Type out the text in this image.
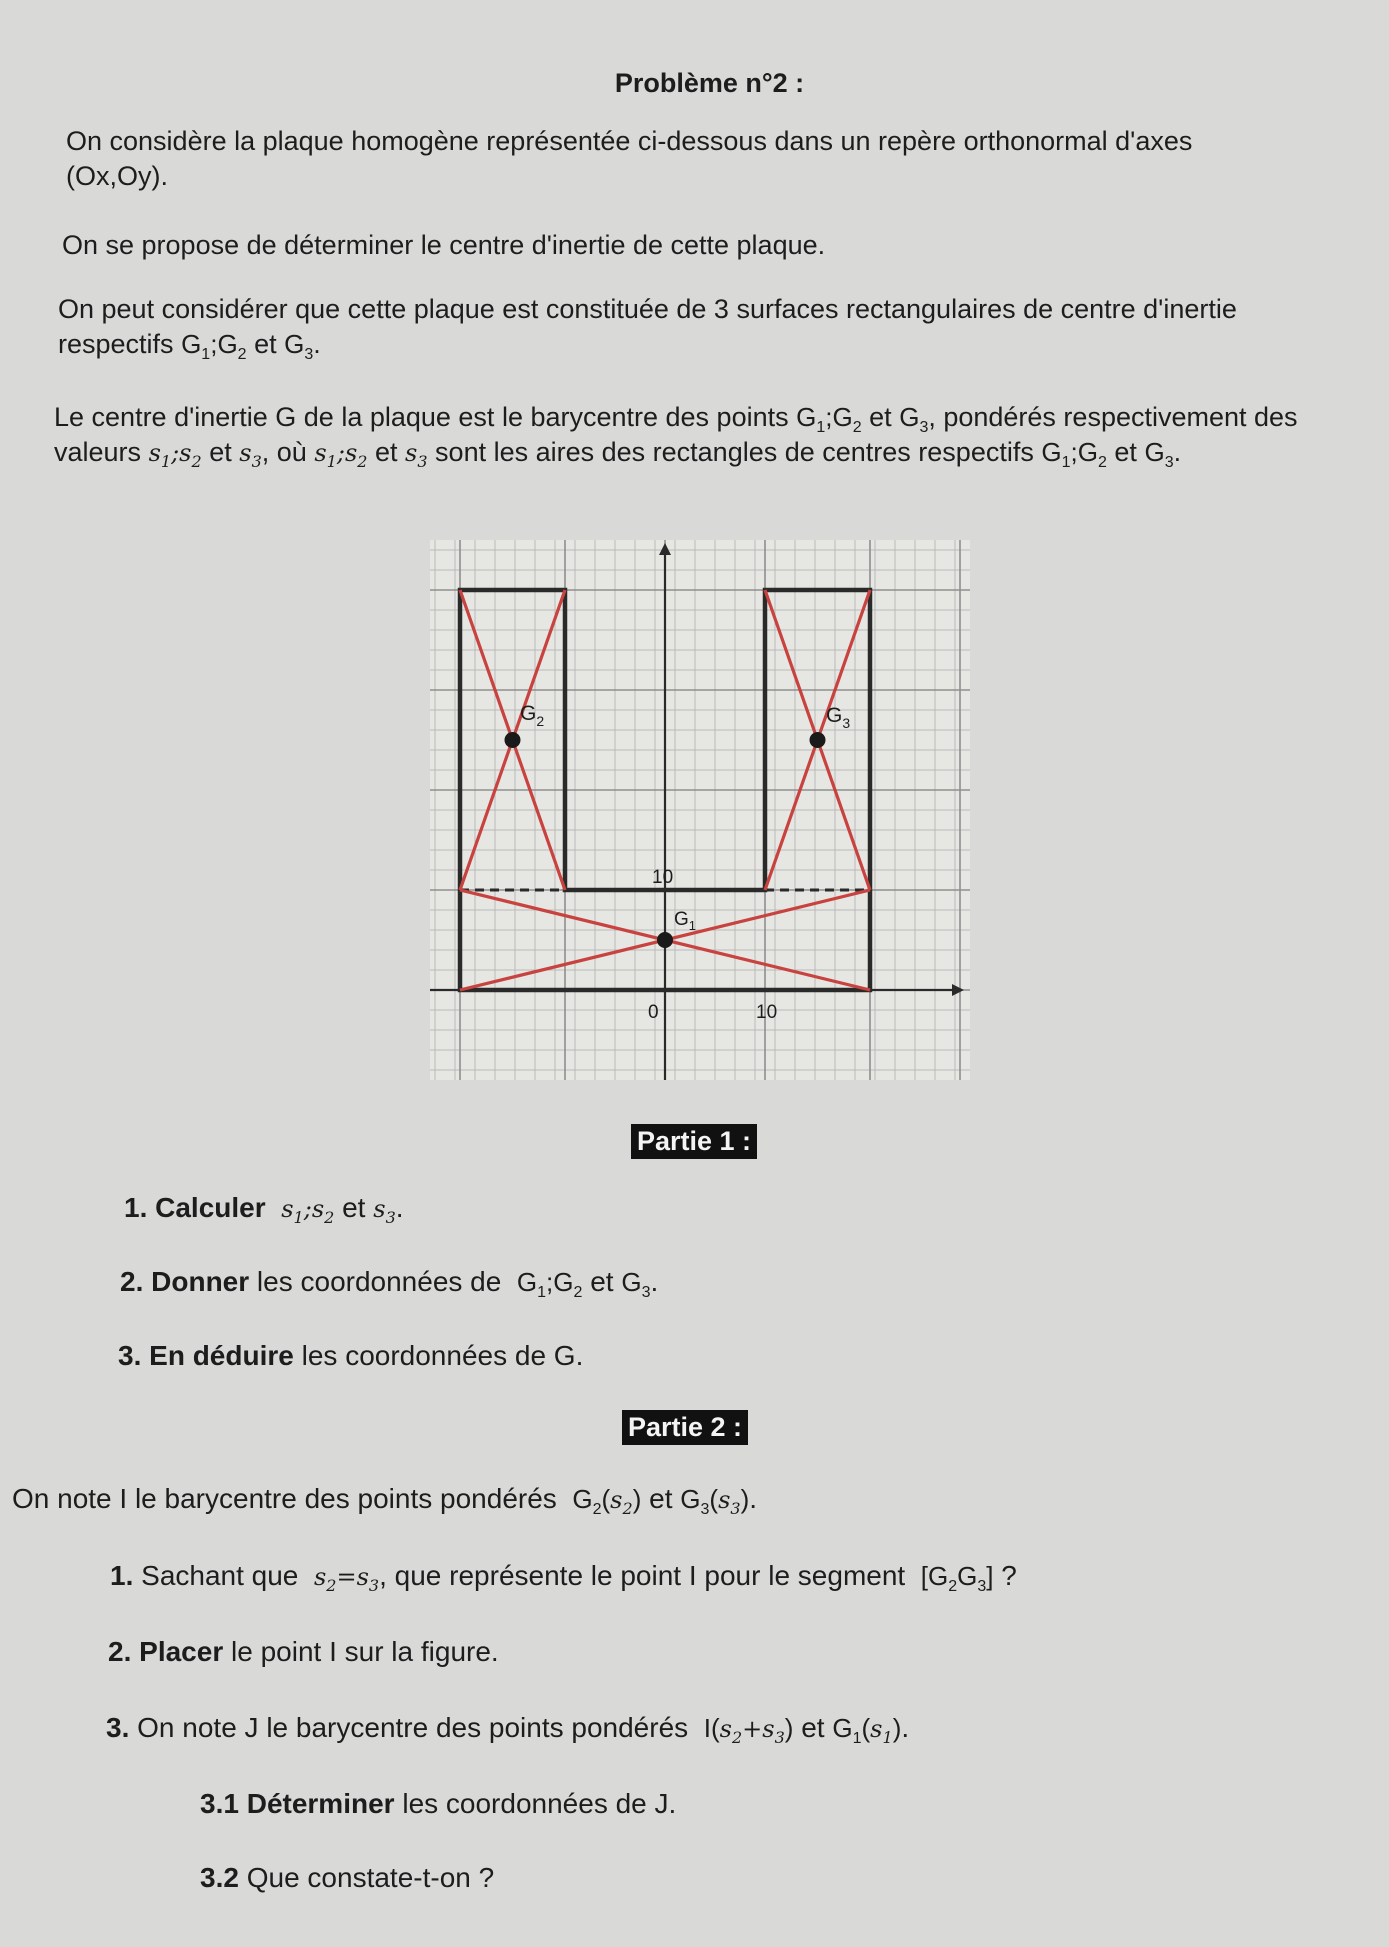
Problème n°2 :
On considère la plaque homogène représentée ci-dessous dans un repère orthonormal d'axes (Ox,Oy).
On se propose de déterminer le centre d'inertie de cette plaque.
On peut considérer que cette plaque est constituée de 3 surfaces rectangulaires de centre d'inertie respectifs $G_1;G_2$ et $G_3$.
Le centre d'inertie G de la plaque est le barycentre des points $G_1;G_2$ et $G_3$, pondérés respectivement des valeurs $s_1;s_2$ et $s_3$, où $s_1;s_2$ et $s_3$ sont les aires des rectangles de centres respectifs $G_1;G_2$ et $G_3$.
$G_2$	$G_3$
$G_1$
10
0	10
Partie 1 :
1. Calculer $s_1;s_2$ et $s_3$.
2. Donner les coordonnées de $G_1;G_2$ et $G_3$.
3. En déduire les coordonnées de G.
Partie 2 :
On note I le barycentre des points pondérés $G_2(s_2)$ et $G_3(s_3)$.
1. Sachant que $s_2=s_3$, que représente le point I pour le segment $[G_2G_3]$ ?
2. Placer le point I sur la figure.
3. On note J le barycentre des points pondérés $I(s_2+s_3)$ et $G_1(s_1)$.
3.1 Déterminer les coordonnées de J.
3.2 Que constate-t-on ?
